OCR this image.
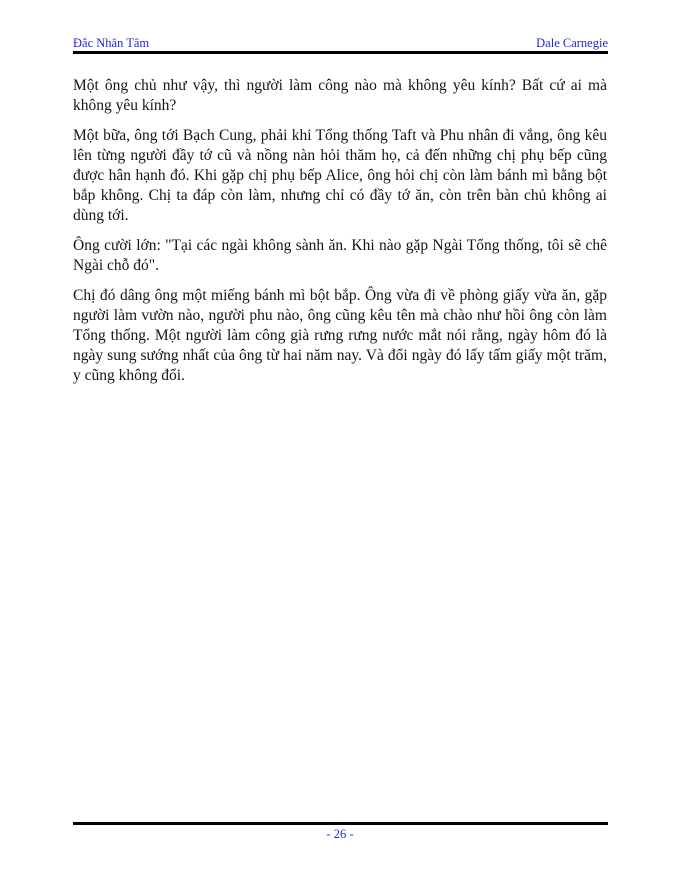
Đắc Nhân Tâm	Dale Carnegie

Một ông chủ như vậy, thì người làm công nào mà không yêu kính? Bất cứ ai mà không yêu kính?

Một bữa, ông tới Bạch Cung, phải khi Tổng thống Taft và Phu nhân đi vắng, ông kêu lên từng người đầy tớ cũ và nồng nàn hỏi thăm họ, cả đến những chị phụ bếp cũng được hân hạnh đó. Khi gặp chị phụ bếp Alice, ông hỏi chị còn làm bánh mì bằng bột bắp không. Chị ta đáp còn làm, nhưng chỉ có đầy tớ ăn, còn trên bàn chủ không ai dùng tới.

Ông cười lớn: "Tại các ngài không sành ăn. Khi nào gặp Ngài Tổng thống, tôi sẽ chê Ngài chỗ đó".

Chị đó dâng ông một miếng bánh mì bột bắp. Ông vừa đi về phòng giấy vừa ăn, gặp người làm vườn nào, người phu nào, ông cũng kêu tên mà chào như hồi ông còn làm Tổng thống. Một người làm công già rưng rưng nước mắt nói rằng, ngày hôm đó là ngày sung sướng nhất của ông từ hai năm nay. Và đổi ngày đó lấy tấm giấy một trăm, y cũng không đổi.

- 26 -
